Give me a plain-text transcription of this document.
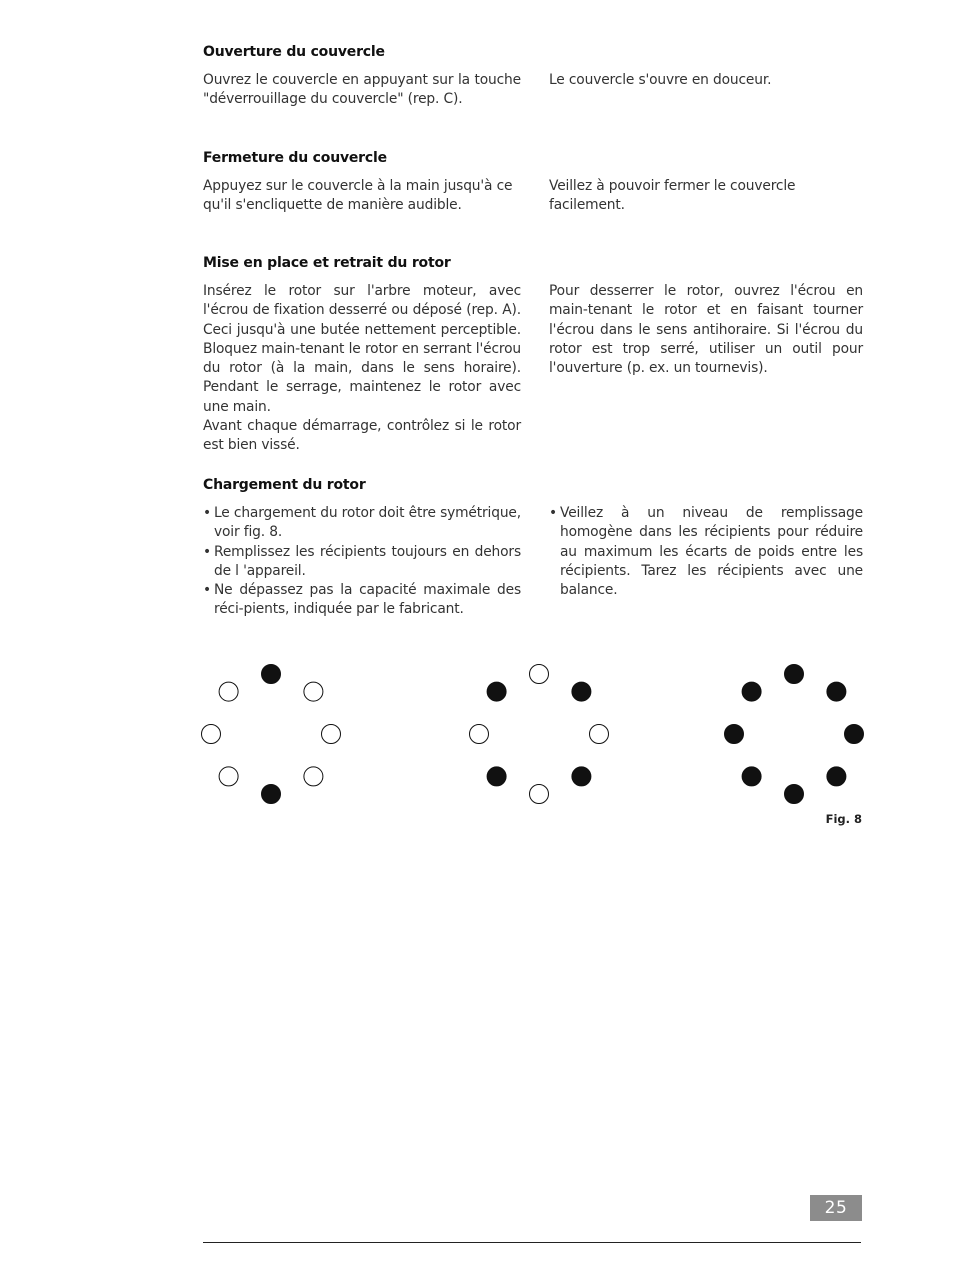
Ouverture du couvercle

Ouvrez le couvercle en appuyant sur la touche "déverrouillage du couvercle" (rep. C).

Le couvercle s'ouvre en douceur.

Fermeture du couvercle

Appuyez sur le couvercle à la main jusqu'à ce qu'il s'encliquette de manière audible.

Veillez à pouvoir fermer le couvercle facilement.

Mise en place et retrait du rotor

Insérez le rotor sur l'arbre moteur, avec l'écrou de fixation desserré ou déposé (rep. A). Ceci jusqu'à une butée nettement perceptible. Bloquez main-tenant le rotor en serrant l'écrou du rotor (à la main, dans le sens horaire). Pendant le serrage, maintenez le rotor avec une main.

Avant chaque démarrage, contrôlez si le rotor est bien vissé.

Pour desserrer le rotor, ouvrez l'écrou en main-tenant le rotor et en faisant tourner l'écrou dans le sens antihoraire. Si l'écrou du rotor est trop serré, utiliser un outil pour l'ouverture (p. ex. un tournevis).

Chargement du rotor
• Le chargement du rotor doit être symétrique, voir fig. 8.
• Remplissez les récipients toujours en dehors de l 'appareil.
• Ne dépassez pas la capacité maximale des réci-pients, indiquée par le fabricant.
• Veillez à un niveau de remplissage homogène dans les récipients pour réduire au maximum les écarts de poids entre les récipients. Tarez les récipients avec une balance.
Fig. 8
25
